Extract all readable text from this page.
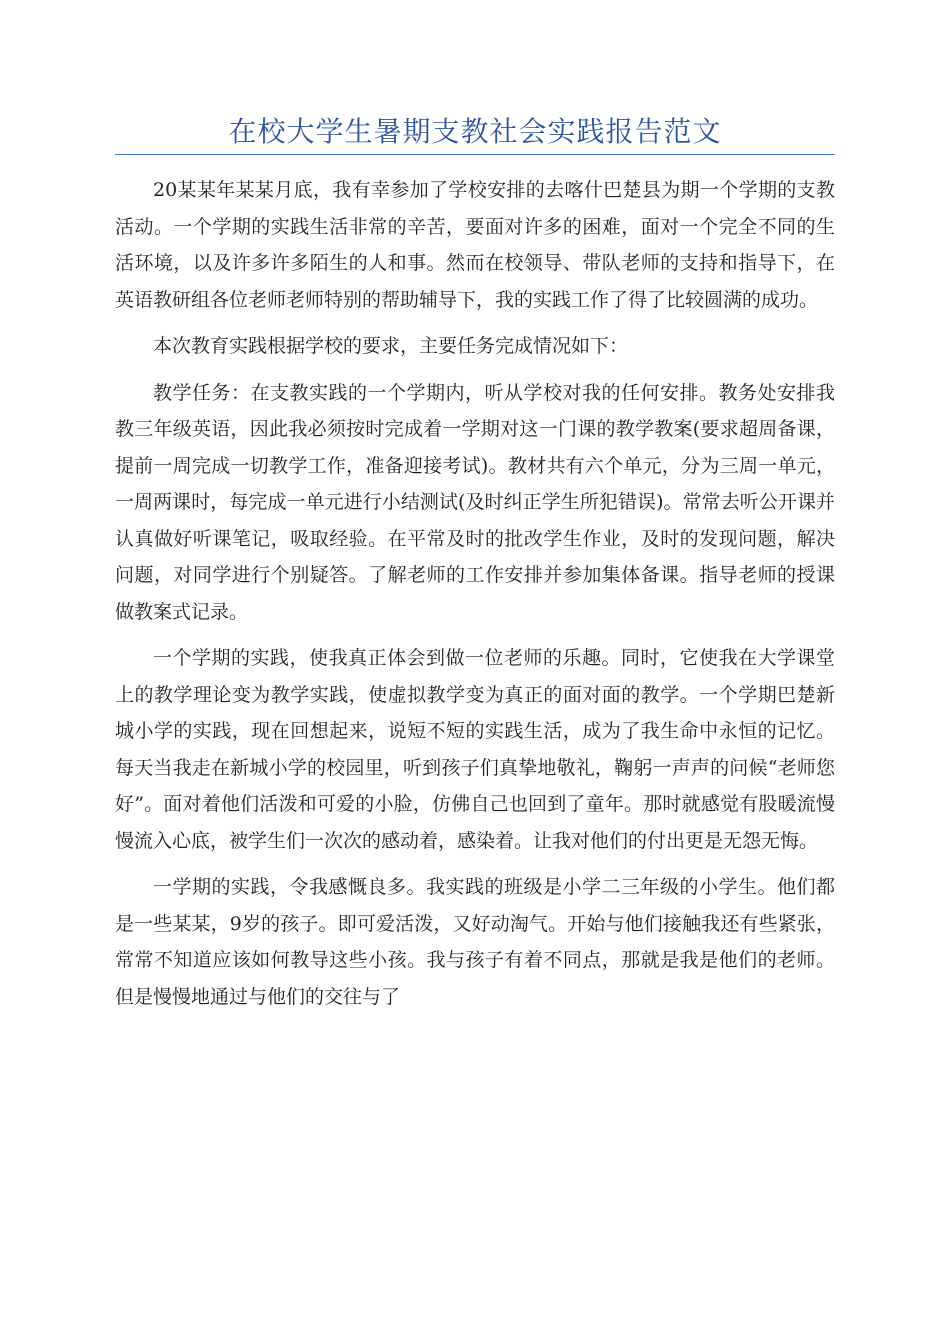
在校大学生暑期支教社会实践报告范文

20某某年某某月底，我有幸参加了学校安排的去喀什巴楚县为期一个学期的支教活动。一个学期的实践生活非常的辛苦，要面对许多的困难，面对一个完全不同的生活环境，以及许多许多陌生的人和事。然而在校领导、带队老师的支持和指导下，在英语教研组各位老师老师特别的帮助辅导下，我的实践工作了得了比较圆满的成功。

本次教育实践根据学校的要求，主要任务完成情况如下：

教学任务：在支教实践的一个学期内，听从学校对我的任何安排。教务处安排我教三年级英语，因此我必须按时完成着一学期对这一门课的教学教案(要求超周备课，提前一周完成一切教学工作，准备迎接考试)。教材共有六个单元，分为三周一单元，一周两课时，每完成一单元进行小结测试(及时纠正学生所犯错误)。常常去听公开课并认真做好听课笔记，吸取经验。在平常及时的批改学生作业，及时的发现问题，解决问题，对同学进行个别疑答。了解老师的工作安排并参加集体备课。指导老师的授课做教案式记录。

一个学期的实践，使我真正体会到做一位老师的乐趣。同时，它使我在大学课堂上的教学理论变为教学实践，使虚拟教学变为真正的面对面的教学。一个学期巴楚新城小学的实践，现在回想起来，说短不短的实践生活，成为了我生命中永恒的记忆。每天当我走在新城小学的校园里，听到孩子们真挚地敬礼，鞠躬一声声的问候“老师您好”。面对着他们活泼和可爱的小脸，仿佛自己也回到了童年。那时就感觉有股暖流慢慢流入心底，被学生们一次次的感动着，感染着。让我对他们的付出更是无怨无悔。

一学期的实践，令我感慨良多。我实践的班级是小学二三年级的小学生。他们都是一些某某，9岁的孩子。即可爱活泼，又好动淘气。开始与他们接触我还有些紧张，常常不知道应该如何教导这些小孩。我与孩子有着不同点，那就是我是他们的老师。但是慢慢地通过与他们的交往与了
